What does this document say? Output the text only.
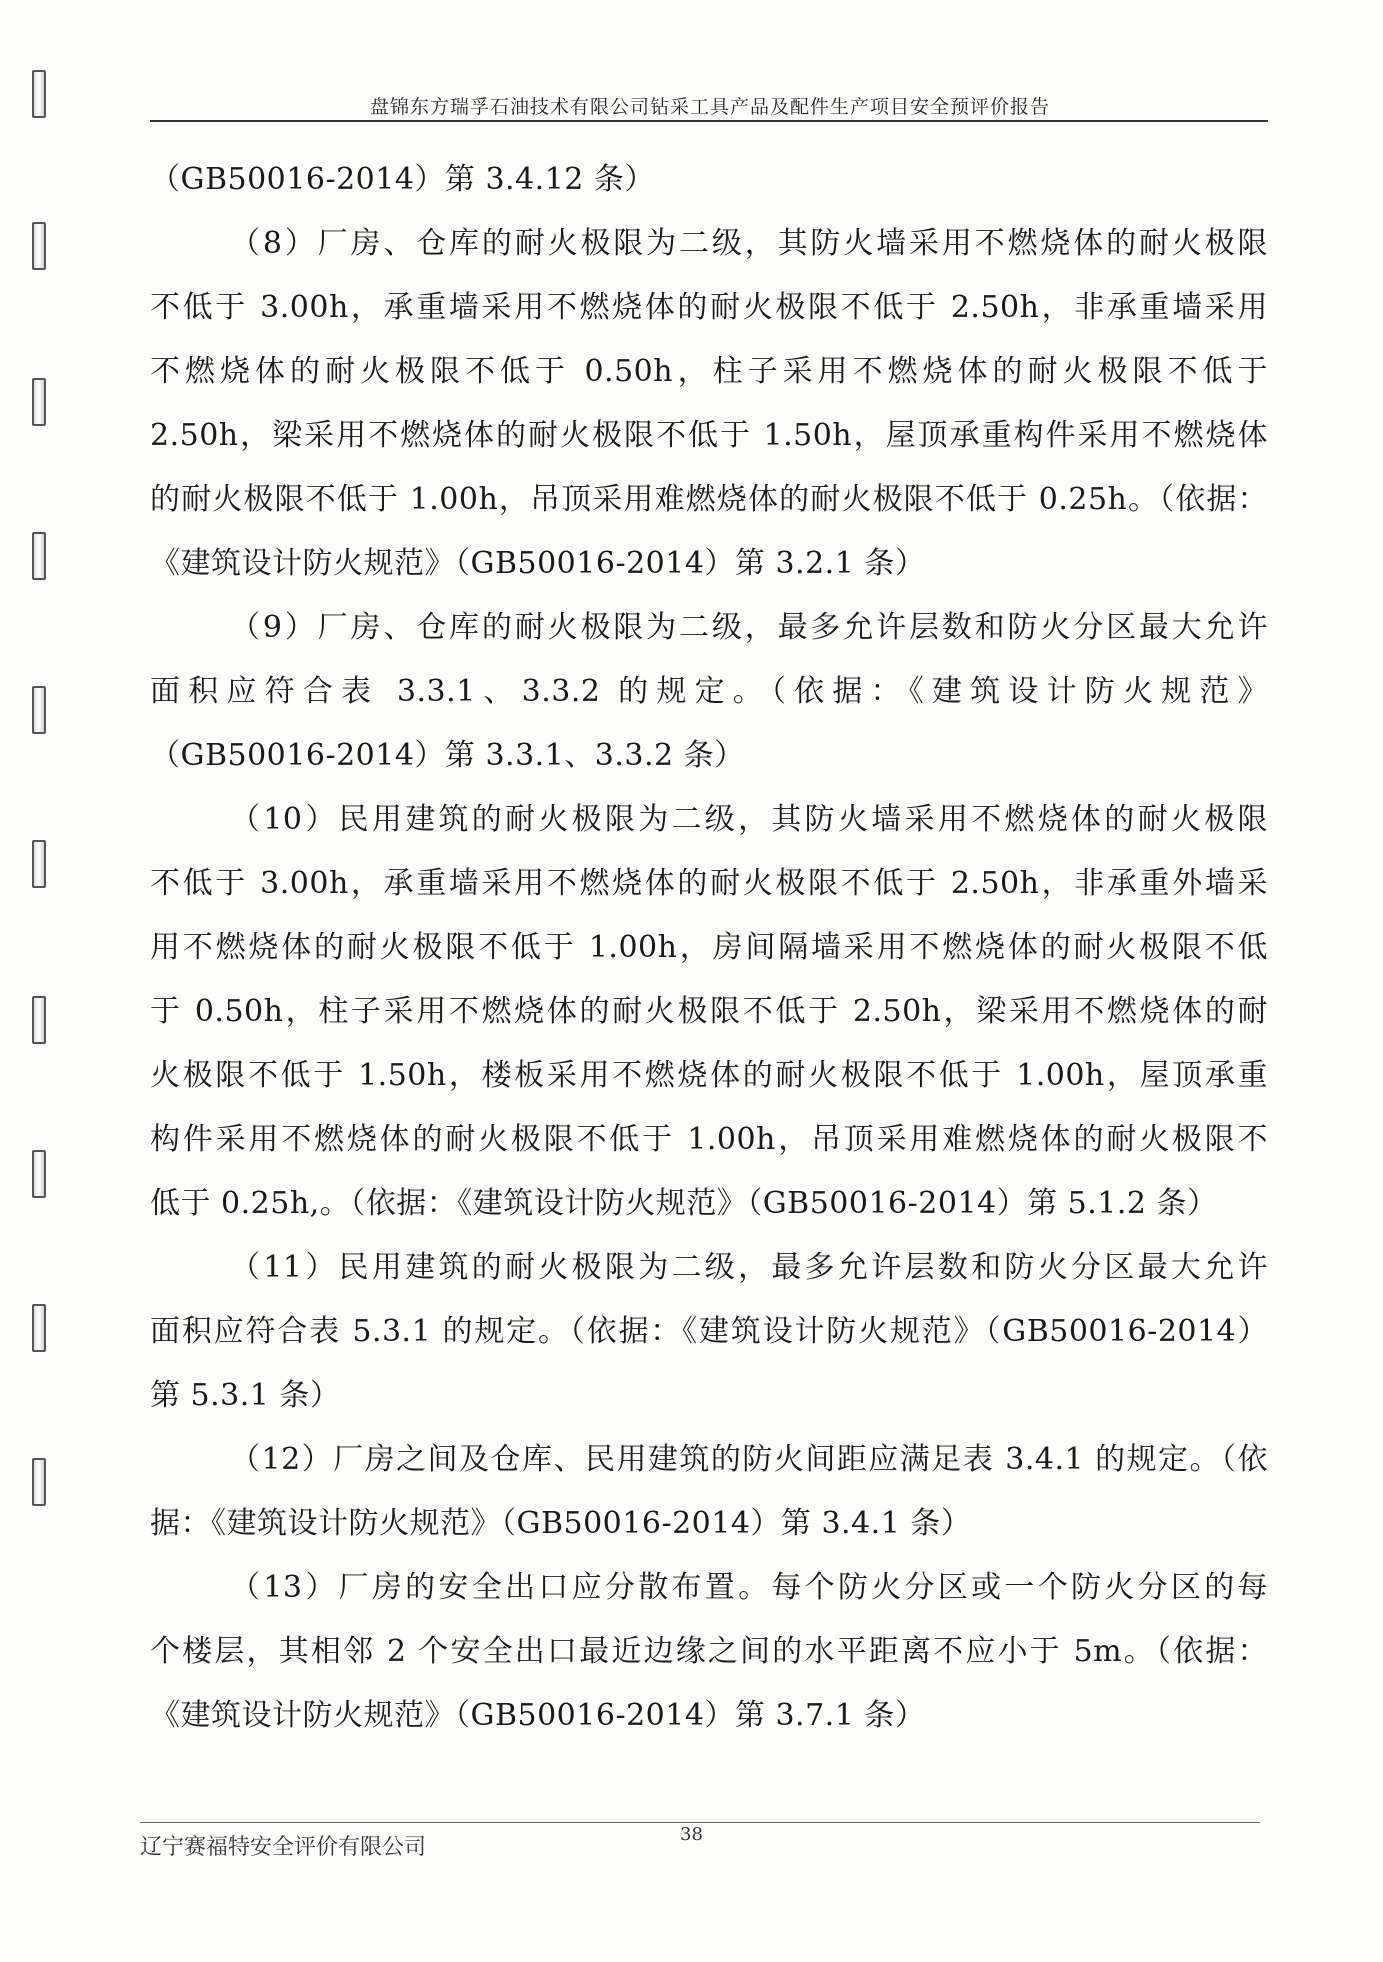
盘锦东方瑞孚石油技术有限公司钻采工具产品及配件生产项目安全预评价报告
（GB50016-2014）第 3.4.12 条）
（8）厂房、仓库的耐火极限为二级，其防火墙采用不燃烧体的耐火极限
不低于 3.00h，承重墙采用不燃烧体的耐火极限不低于 2.50h，非承重墙采用
不燃烧体的耐火极限不低于 0.50h，柱子采用不燃烧体的耐火极限不低于
2.50h，梁采用不燃烧体的耐火极限不低于 1.50h，屋顶承重构件采用不燃烧体
的耐火极限不低于 1.00h，吊顶采用难燃烧体的耐火极限不低于 0.25h。（依据：
《建筑设计防火规范》（GB50016-2014）第 3.2.1 条）
（9）厂房、仓库的耐火极限为二级，最多允许层数和防火分区最大允许
面积应符合表 3.3.1、3.3.2 的规定。（依据：《建筑设计防火规范》
（GB50016-2014）第 3.3.1、3.3.2 条）
（10）民用建筑的耐火极限为二级，其防火墙采用不燃烧体的耐火极限
不低于 3.00h，承重墙采用不燃烧体的耐火极限不低于 2.50h，非承重外墙采
用不燃烧体的耐火极限不低于 1.00h，房间隔墙采用不燃烧体的耐火极限不低
于 0.50h，柱子采用不燃烧体的耐火极限不低于 2.50h，梁采用不燃烧体的耐
火极限不低于 1.50h，楼板采用不燃烧体的耐火极限不低于 1.00h，屋顶承重
构件采用不燃烧体的耐火极限不低于 1.00h，吊顶采用难燃烧体的耐火极限不
低于 0.25h,。（依据：《建筑设计防火规范》（GB50016-2014）第 5.1.2 条）
（11）民用建筑的耐火极限为二级，最多允许层数和防火分区最大允许
面积应符合表 5.3.1 的规定。（依据：《建筑设计防火规范》（GB50016-2014）
第 5.3.1 条）
（12）厂房之间及仓库、民用建筑的防火间距应满足表 3.4.1 的规定。（依
据：《建筑设计防火规范》（GB50016-2014）第 3.4.1 条）
（13）厂房的安全出口应分散布置。每个防火分区或一个防火分区的每
个楼层，其相邻 2 个安全出口最近边缘之间的水平距离不应小于 5m。（依据：
《建筑设计防火规范》（GB50016-2014）第 3.7.1 条）
辽宁赛福特安全评价有限公司
38
